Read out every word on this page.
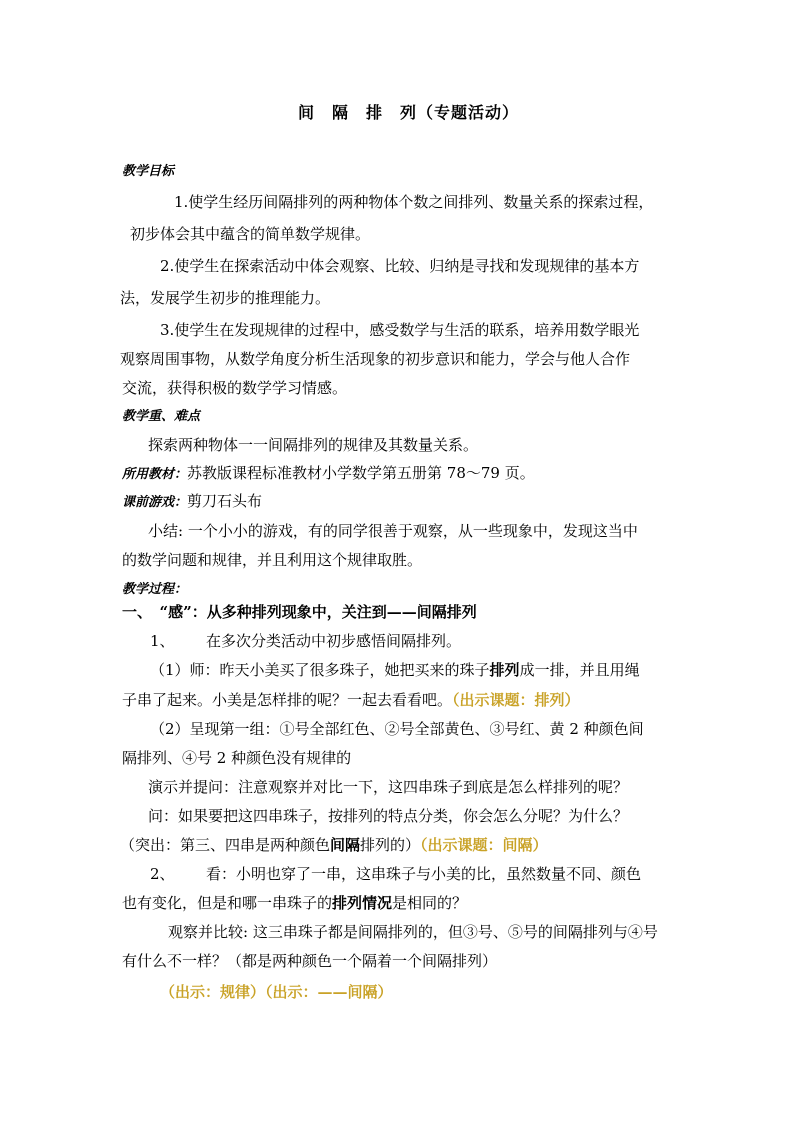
间　隔　排　列（专题活动）
教学目标
1.使学生经历间隔排列的两种物体个数之间排列、数量关系的探索过程，
初步体会其中蕴含的简单数学规律。
2.使学生在探索活动中体会观察、比较、归纳是寻找和发现规律的基本方
法，发展学生初步的推理能力。
3.使学生在发现规律的过程中，感受数学与生活的联系，培养用数学眼光
观察周围事物，从数学角度分析生活现象的初步意识和能力，学会与他人合作
交流，获得积极的数学学习情感。
教学重、难点
探索两种物体一一间隔排列的规律及其数量关系。
所用教材：苏教版课程标准教材小学数学第五册第 78～79 页。
课前游戏：剪刀石头布
小结: 一个小小的游戏，有的同学很善于观察，从一些现象中，发现这当中
的数学问题和规律，并且利用这个规律取胜。
教学过程：
一、　“感”：从多种排列现象中，关注到——间隔排列
1、 在多次分类活动中初步感悟间隔排列。
（1）师：昨天小美买了很多珠子，她把买来的珠子排列成一排，并且用绳
子串了起来。小美是怎样排的呢？一起去看看吧。（出示课题：排列）
（2）呈现第一组：①号全部红色、②号全部黄色、③号红、黄 2 种颜色间
隔排列、④号 2 种颜色没有规律的
演示并提问：注意观察并对比一下，这四串珠子到底是怎么样排列的呢？
问：如果要把这四串珠子，按排列的特点分类，你会怎么分呢？为什么？
（突出：第三、四串是两种颜色间隔排列的）（出示课题：间隔）
2、 看：小明也穿了一串，这串珠子与小美的比，虽然数量不同、颜色
也有变化，但是和哪一串珠子的排列情况是相同的？
观察并比较: 这三串珠子都是间隔排列的，但③号、⑤号的间隔排列与④号
有什么不一样？（都是两种颜色一个隔着一个间隔排列）
（出示：规律）（出示：——间隔）
